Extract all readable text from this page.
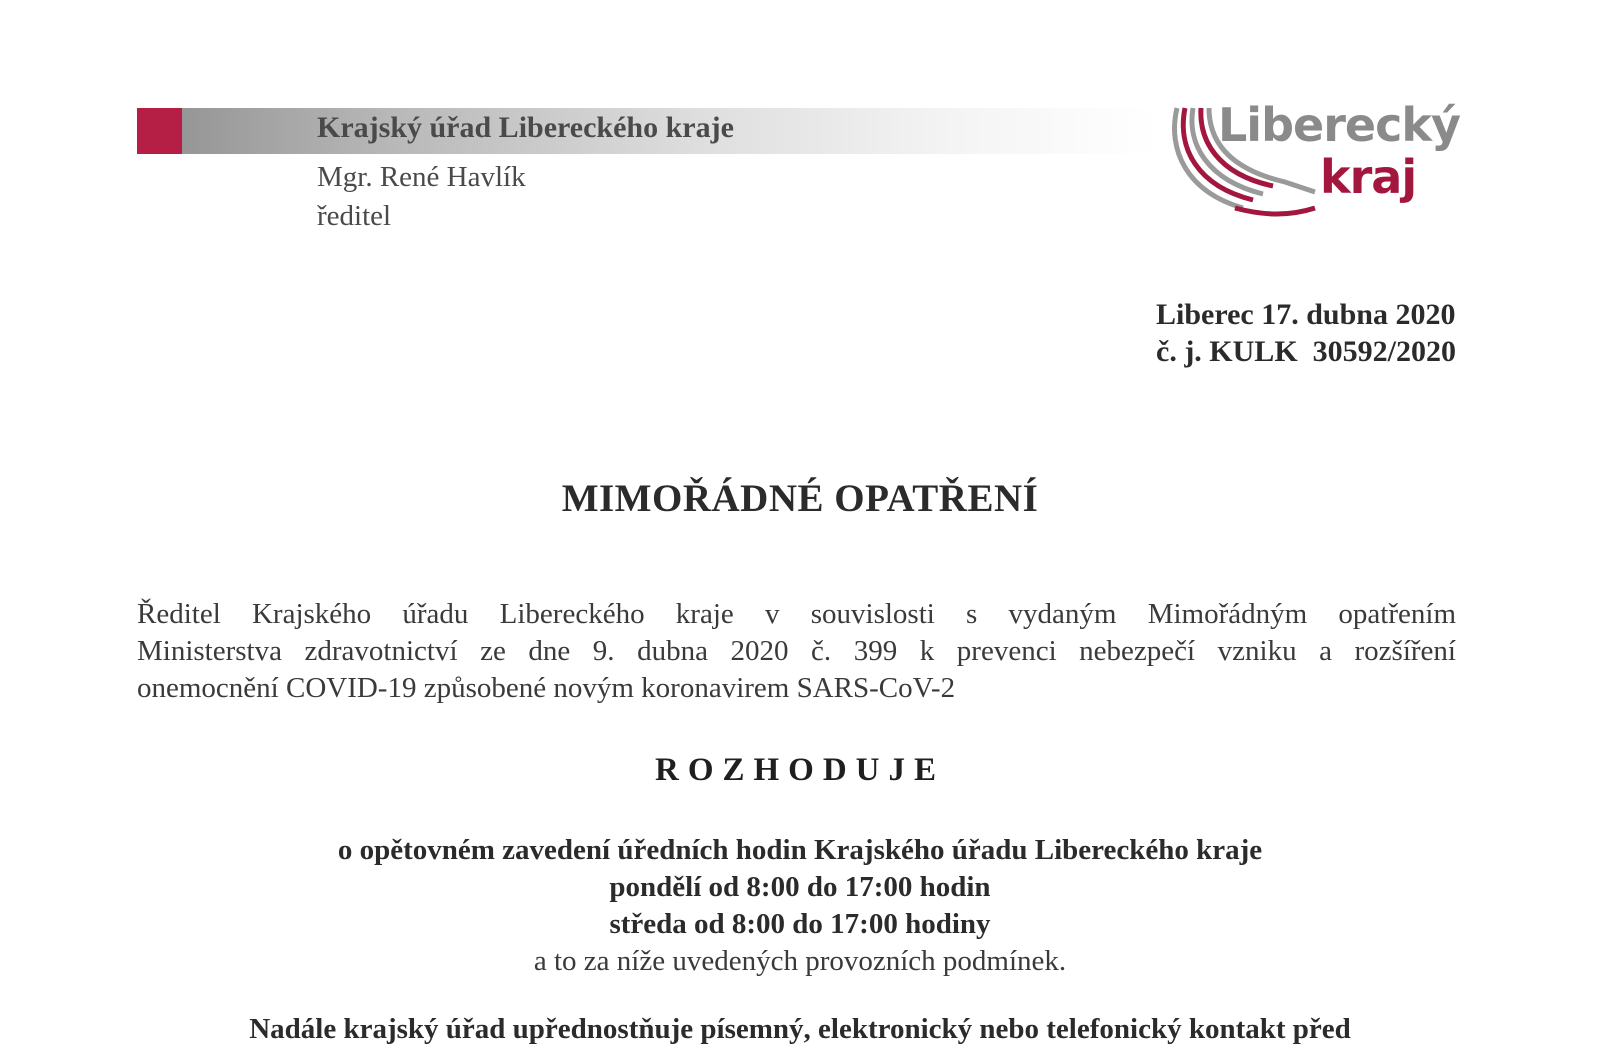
Krajský úřad Libereckého kraje
Mgr. René Havlík
ředitel
Liberecký
kraj
Liberec 17. dubna 2020
č. j. KULK  30592/2020
MIMOŘÁDNÉ OPATŘENÍ
Ředitel Krajského úřadu Libereckého kraje v souvislosti s vydaným Mimořádným opatřením
Ministerstva zdravotnictví ze dne 9. dubna 2020 č. 399 k prevenci nebezpečí vzniku a rozšíření
onemocnění COVID-19 způsobené novým koronavirem SARS-CoV-2
ROZHODUJE
o opětovném zavedení úředních hodin Krajského úřadu Libereckého kraje
pondělí od 8:00 do 17:00 hodin
středa od 8:00 do 17:00 hodiny
a to za níže uvedených provozních podmínek.
Nadále krajský úřad upřednostňuje písemný, elektronický nebo telefonický kontakt před
